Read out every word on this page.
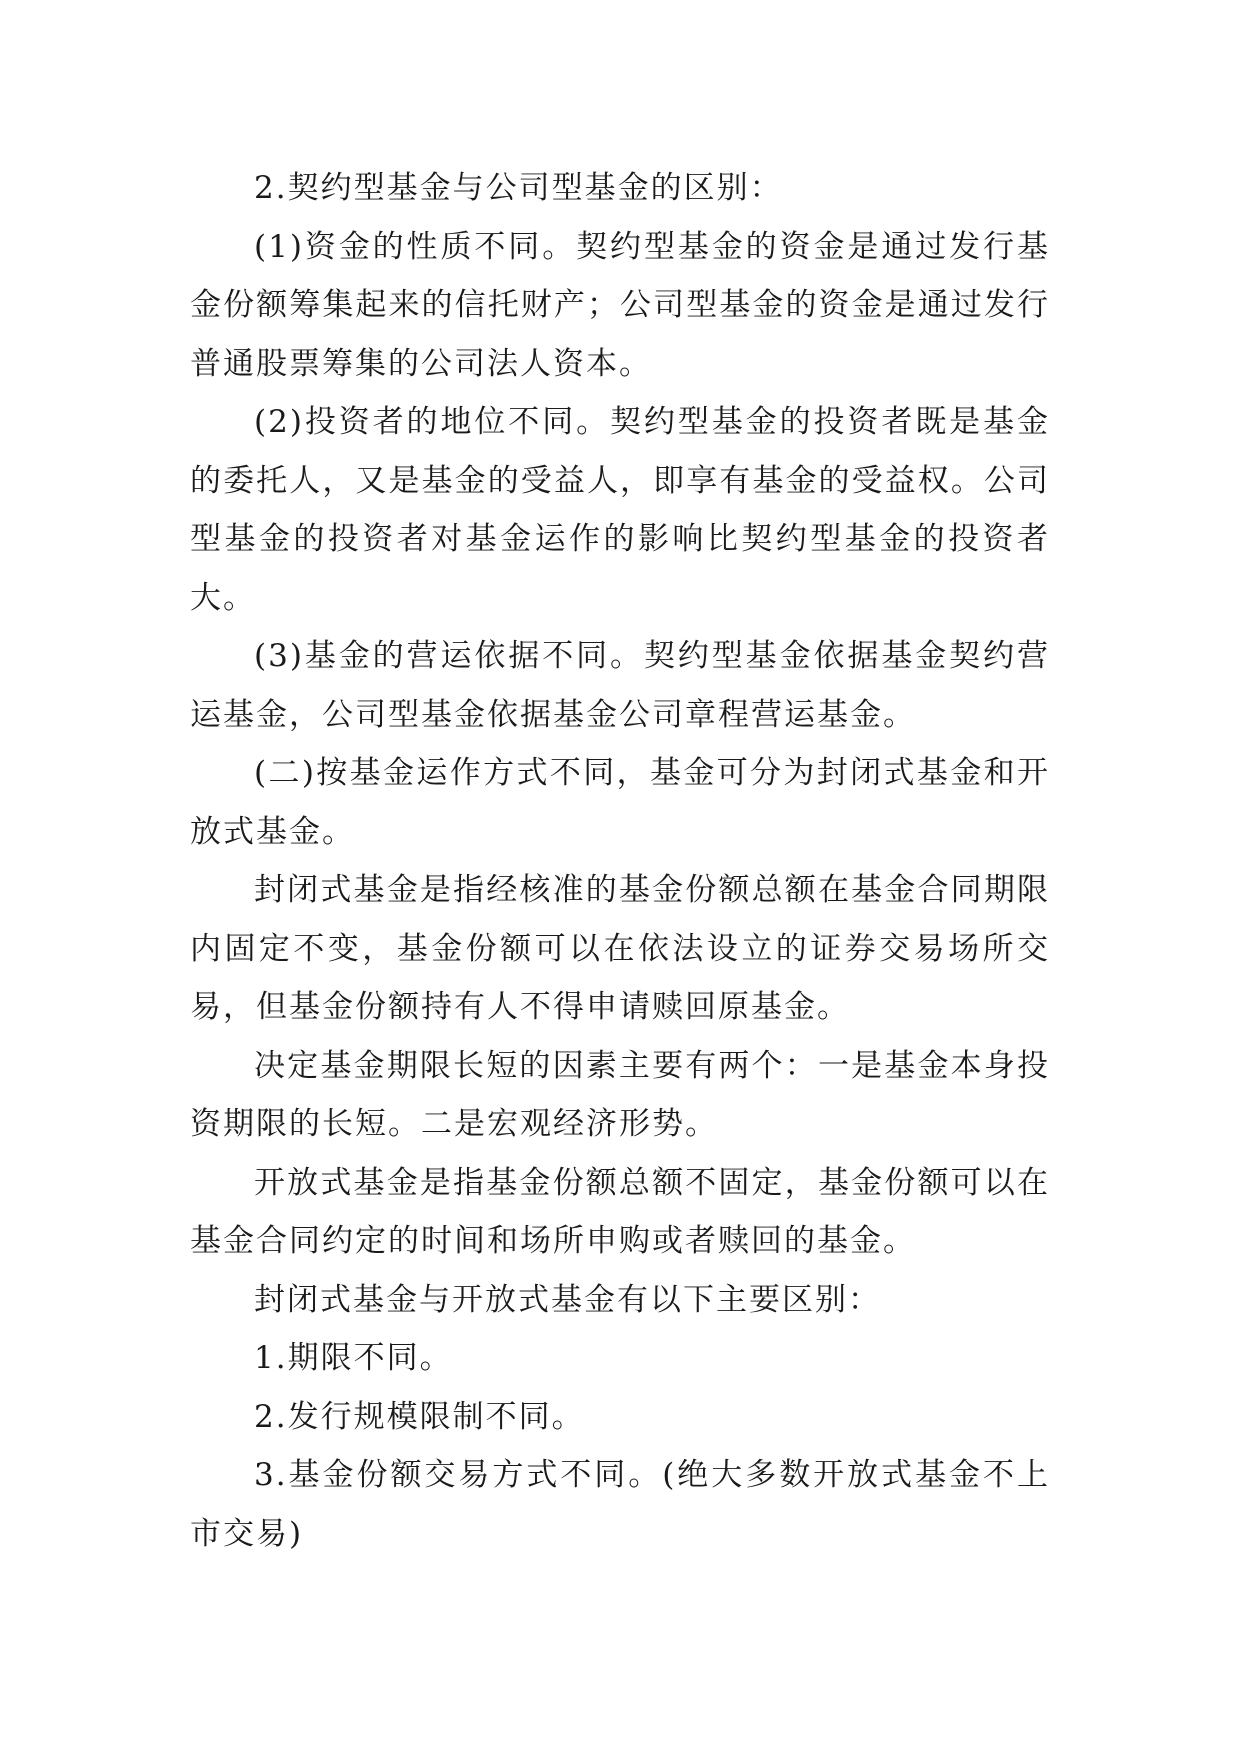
2.契约型基金与公司型基金的区别：

(1)资金的性质不同。契约型基金的资金是通过发行基金份额筹集起来的信托财产；公司型基金的资金是通过发行普通股票筹集的公司法人资本。

(2)投资者的地位不同。契约型基金的投资者既是基金的委托人，又是基金的受益人，即享有基金的受益权。公司型基金的投资者对基金运作的影响比契约型基金的投资者大。

(3)基金的营运依据不同。契约型基金依据基金契约营运基金，公司型基金依据基金公司章程营运基金。

(二)按基金运作方式不同，基金可分为封闭式基金和开放式基金。

封闭式基金是指经核准的基金份额总额在基金合同期限内固定不变，基金份额可以在依法设立的证券交易场所交易，但基金份额持有人不得申请赎回原基金。

决定基金期限长短的因素主要有两个：一是基金本身投资期限的长短。二是宏观经济形势。

开放式基金是指基金份额总额不固定，基金份额可以在基金合同约定的时间和场所申购或者赎回的基金。

封闭式基金与开放式基金有以下主要区别：

1.期限不同。

2.发行规模限制不同。

3.基金份额交易方式不同。(绝大多数开放式基金不上市交易)
